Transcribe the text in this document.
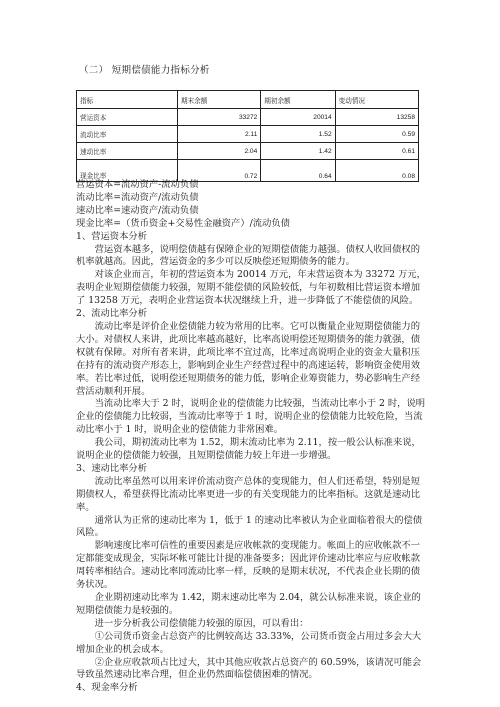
（二） 短期偿债能力指标分析
指标	期末余额	期初余额	变动情况
营运资本	33272	20014	13258
流动比率	2.11	1.52	0.59
速动比率	2.04	1.42	0.61
现金比率	0.72	0.64	0.08

营运资本=流动资产-流动负债

流动比率=流动资产/流动负债

速动比率=速动资产/流动负债

现金比率=（货币资金+交易性金融资产）/流动负债

1、营运资本分析

营运资本越多，说明偿债越有保障企业的短期偿债能力越强。债权人收回债权的机率就越高。因此，营运资金的多少可以反映偿还短期债务的能力。

对该企业而言，年初的营运资本为 20014 万元，年末营运资本为 33272 万元，表明企业短期偿债能力较强，短期不能偿债的风险较低，与年初数相比营运资本增加了 13258 万元，表明企业营运资本状况继续上升，进一步降低了不能偿债的风险。

2、流动比率分析

流动比率是评价企业偿债能力较为常用的比率。它可以衡量企业短期偿债能力的大小。对债权人来讲，此项比率越高越好，比率高说明偿还短期债务的能力就强，债权就有保障。对所有者来讲，此项比率不宜过高，比率过高说明企业的资金大量积压在持有的流动资产形态上，影响到企业生产经营过程中的高速运转，影响资金使用效率。若比率过低，说明偿还短期债务的能力低，影响企业筹资能力，势必影响生产经营活动顺利开展。

当流动比率大于 2 时，说明企业的偿债能力比较强，当流动比率小于 2 时，说明企业的偿债能力比较弱，当流动比率等于 1 时，说明企业的偿债能力比较危险，当流动比率小于 1 时，说明企业的偿债能力非常困难。

我公司，期初流动比率为 1.52，期末流动比率为 2.11，按一般公认标准来说，说明企业的偿债能力较强，且短期偿债能力较上年进一步增强。

3、速动比率分析

流动比率虽然可以用来评价流动资产总体的变现能力，但人们还希望，特别是短期债权人，希望获得比流动比率更进一步的有关变现能力的比率指标。这就是速动比率。

通常认为正常的速动比率为 1，低于 1 的速动比率被认为企业面临着很大的偿债风险。

影响速度比率可信性的重要因素是应收帐款的变现能力。帐面上的应收帐款不一定都能变成现金，实际坏帐可能比计提的准备要多；因此评价速动比率应与应收帐款周转率相结合。速动比率同流动比率一样，反映的是期末状况，不代表企业长期的债务状况。

企业期初速动比率为 1.42，期末速动比率为 2.04，就公认标准来说，该企业的短期偿债能力是较强的。

进一步分析我公司偿债能力较强的原因，可以看出：

①公司货币资金占总资产的比例较高达 33.33%，公司货币资金占用过多会大大增加企业的机会成本。

②企业应收款项占比过大，其中其他应收款占总资产的 60.59%，该请况可能会导致虽然速动比率合理，但企业仍然面临偿债困难的情况。

4、现金率分析
